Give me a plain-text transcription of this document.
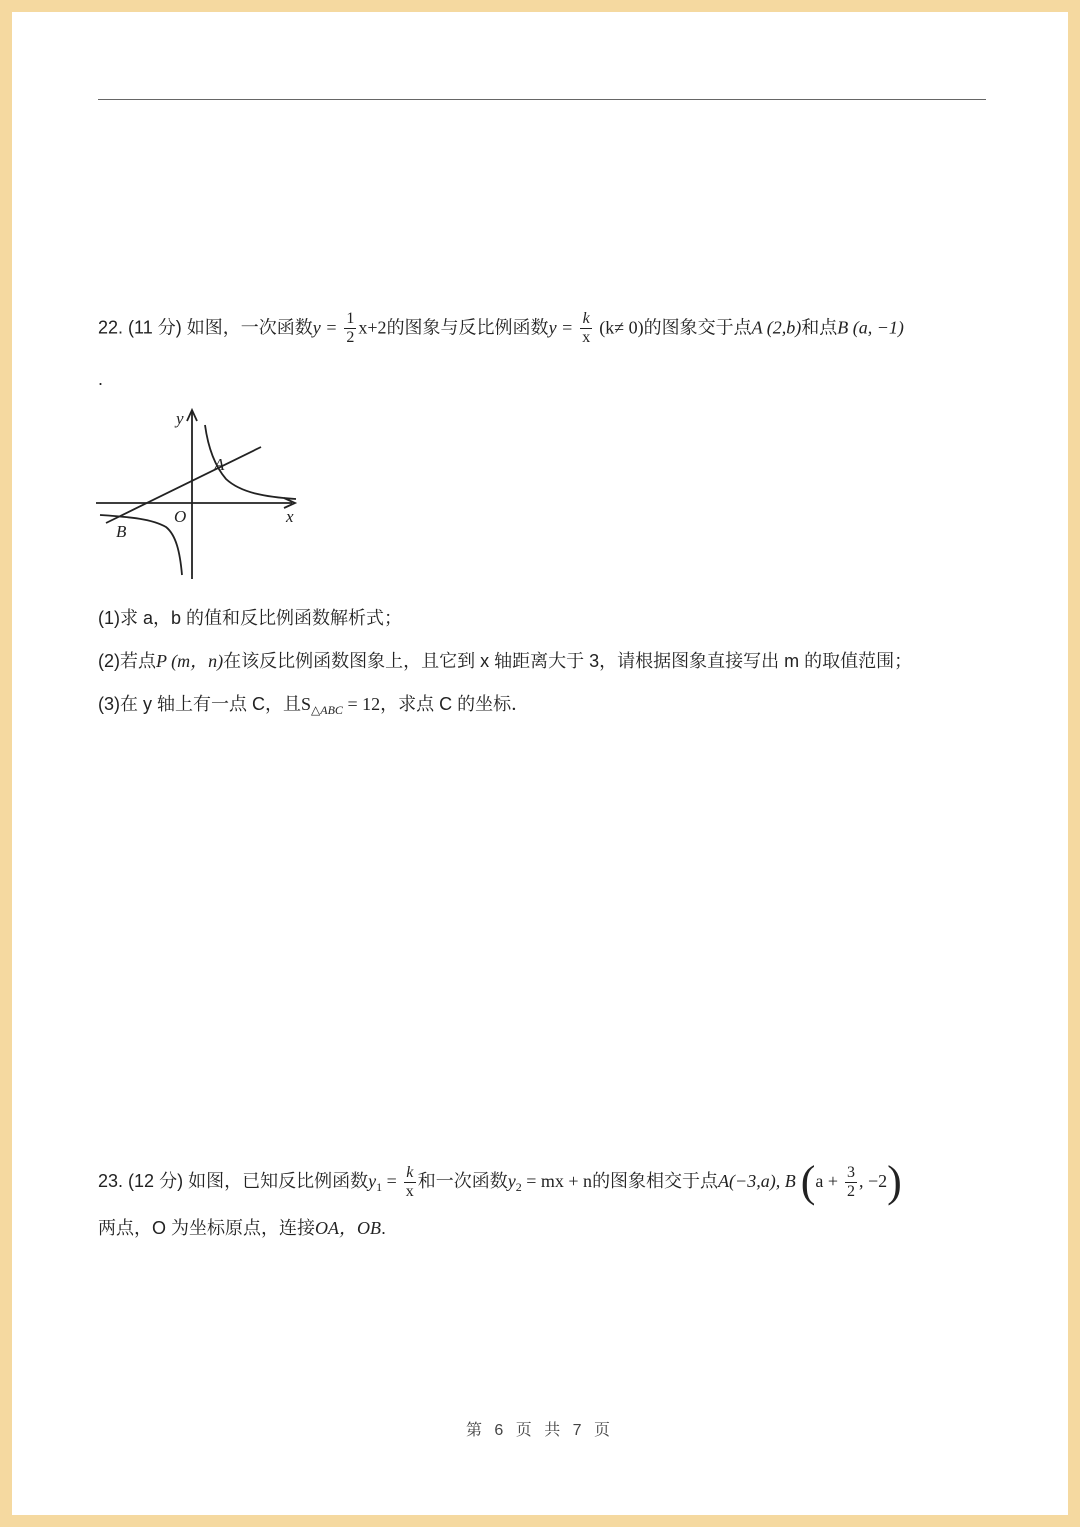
22. (11 分) 如图，一次函数$y = \frac{1}{2} x+2$的图象与反比例函数$y = \frac{k}{x} (k\ne 0)$的图象交于点A (2,b)和点B (a, −1)
.
y
x
O
A
B
(1)求 a，b 的值和反比例函数解析式；
(2)若点P (m，n)在该反比例函数图象上，且它到 x 轴距离大于 3，请根据图象直接写出 m 的取值范围；
(3)在 y 轴上有一点 C，且$S_{\triangle ABC} = 12$，求点 C 的坐标．
23. (12 分) 如图，已知反比例函数$y_1 = \frac{k}{x}$ 和一次函数$y_2$ = mx + n的图象相交于点A(−3,a), B ($a + \frac{3}{2}$ , −2)
两点，O 为坐标原点，连接OA，OB.
第 6 页 共 7 页
